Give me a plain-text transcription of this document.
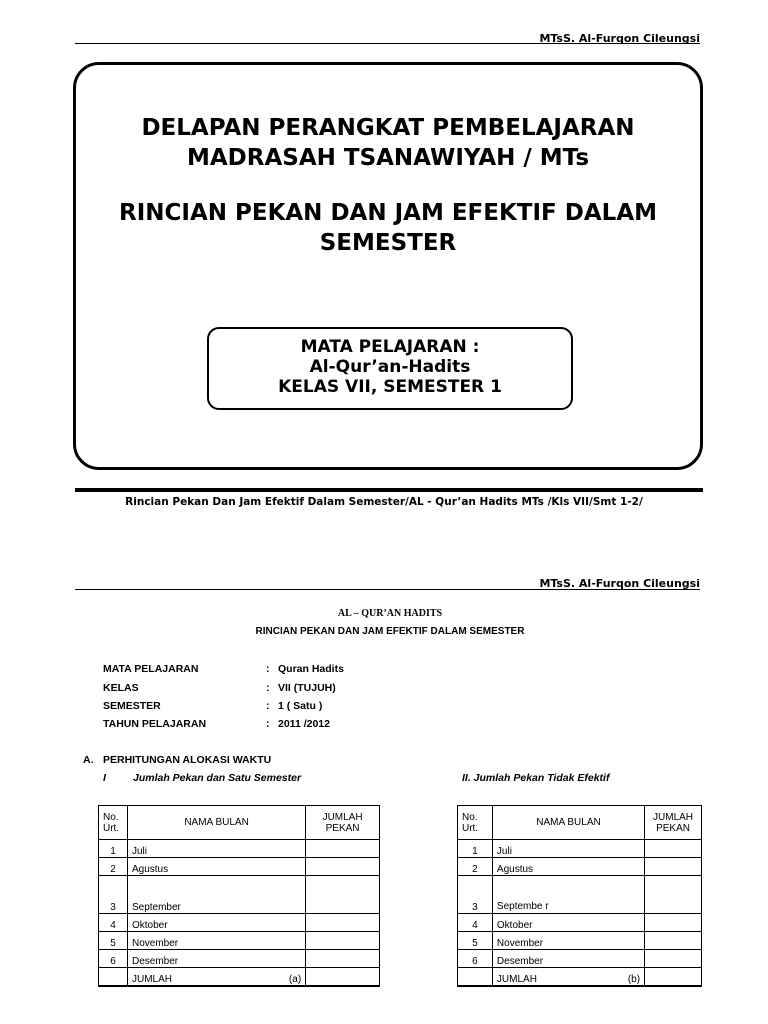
MTsS. Al-Furqon Cileungsi
DELAPAN PERANGKAT PEMBELAJARAN
MADRASAH TSANAWIYAH / MTs
RINCIAN PEKAN DAN JAM EFEKTIF DALAM
SEMESTER
MATA PELAJARAN :
Al-Qur’an-Hadits
KELAS VII, SEMESTER 1
Rincian Pekan Dan Jam Efektif Dalam Semester/AL - Qur’an Hadits MTs /Kls VII/Smt 1-2/
MTsS. Al-Furqon Cileungsi
AL – QUR’AN HADITS
RINCIAN PEKAN DAN JAM EFEKTIF DALAM SEMESTER
MATA PELAJARAN	: Quran Hadits
KELAS	: VII (TUJUH)
SEMESTER	: 1 ( Satu )
TAHUN PELAJARAN	: 2011 /2012
A. PERHITUNGAN ALOKASI WAKTU
I	Jumlah Pekan dan Satu Semester	II. Jumlah Pekan Tidak Efektif
No. Urt.	NAMA BULAN	JUMLAH PEKAN
1	Juli	
2	Agustus	
3	September	
4	Oktober	
5	November	
6	Desember	

	JUMLAH (a)	

No. Urt.	NAMA BULAN	JUMLAH PEKAN
1	Juli	
2	Agustus	
3	Septembe r	

4	Oktober	
5	November	
6	Desember	

	JUMLAH (b)	
